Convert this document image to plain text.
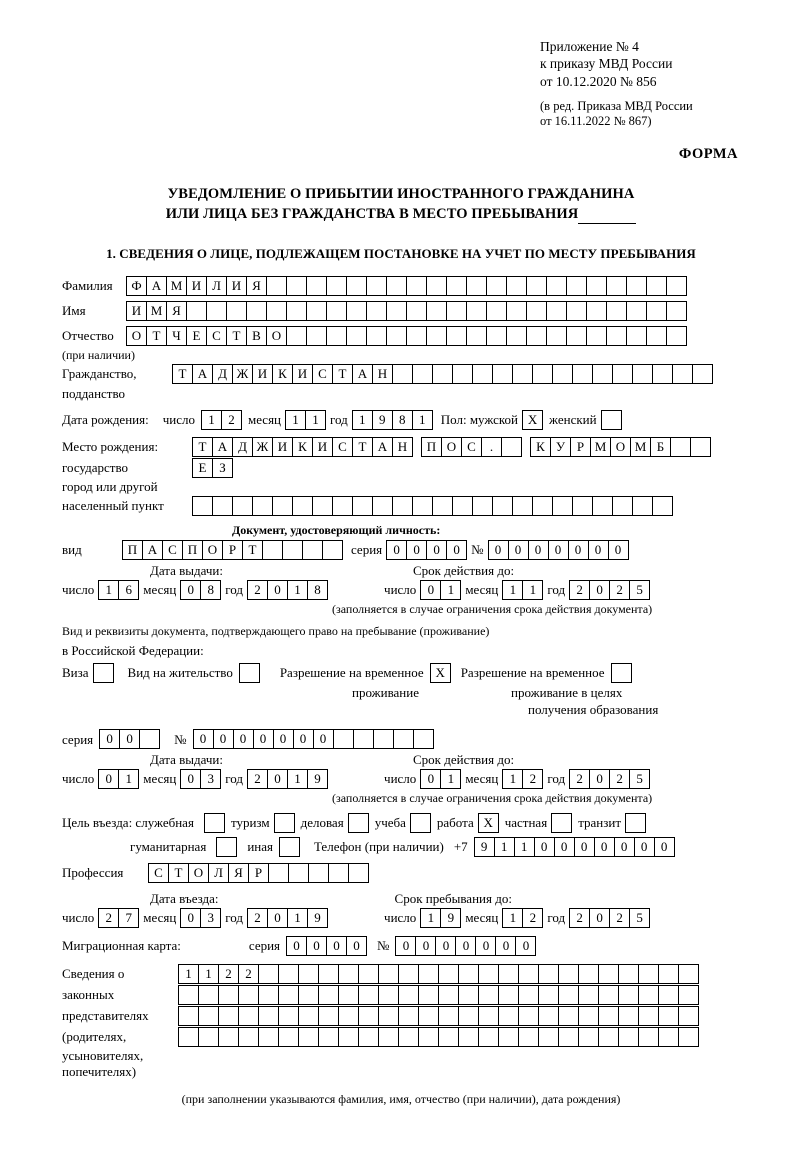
Приложение № 4
к приказу МВД России
от 10.12.2020 № 856
(в ред. Приказа МВД России
от 16.11.2022 № 867)
ФОРМА
УВЕДОМЛЕНИЕ О ПРИБЫТИИ ИНОСТРАННОГО ГРАЖДАНИНА
ИЛИ ЛИЦА БЕЗ ГРАЖДАНСТВА В МЕСТО ПРЕБЫВАНИЯ
1. СВЕДЕНИЯ О ЛИЦЕ, ПОДЛЕЖАЩЕМ ПОСТАНОВКЕ НА УЧЕТ ПО МЕСТУ ПРЕБЫВАНИЯ
Фамилия	Ф А М И Л И Я
Имя	И М Я
Отчество	О Т Ч Е С Т В О
(при наличии)
Гражданство,	Т А Д Ж И К И С Т А Н
подданство
Дата рождения: число	1	2	месяц 1	1 год 1	9	8	1	Пол: мужской X женский
Место рождения:	Т А Д Ж И К И С Т А Н	П О С	.	К У Р М О М Б
государство	Е З
город или другой
населенный пункт
Документ, удостоверяющий личность:
вид	П А С П О Р Т	серия 0	0	0	0 № 0	0	0	0	0	0	0
Дата выдачи:	Срок действия до:
число 1	6 месяц 0	8 год 2	0	1	8	число 0	1 месяц 1	1 год 2	0	2	5
(заполняется в случае ограничения срока действия документа)
Вид и реквизиты документа, подтверждающего право на пребывание (проживание)
в Российской Федерации:
Виза	Вид на жительство	Разрешение на временное X	Разрешение на временное
проживание	проживание в целях
получения образования
серия	0	0	№	0	0	0	0	0	0	0
Дата выдачи:	Срок действия до:
число 0	1 месяц 0	3 год 2	0	1	9	число 0	1 месяц 1	2 год 2	0	2	5
(заполняется в случае ограничения срока действия документа)
Цель въезда: служебная	туризм деловая учеба работа X частная транзит
гуманитарная	иная	Телефон (при наличии) +7	9	1	1	0	0	0	0	0	0	0
Профессия	С Т О Л Я Р
Дата въезда:	Срок пребывания до:
число 2	7 месяц 0	3 год 2	0	1	9	число 1	9 месяц 1	2 год 2	0	2	5
Миграционная карта:	серия	0	0	0	0	№	0	0	0	0	0	0	0
Сведения о	1	1	2	2
законных
представителях
(родителях,
усыновителях,
попечителях)
(при заполнении указываются фамилия, имя, отчество (при наличии), дата рождения)
